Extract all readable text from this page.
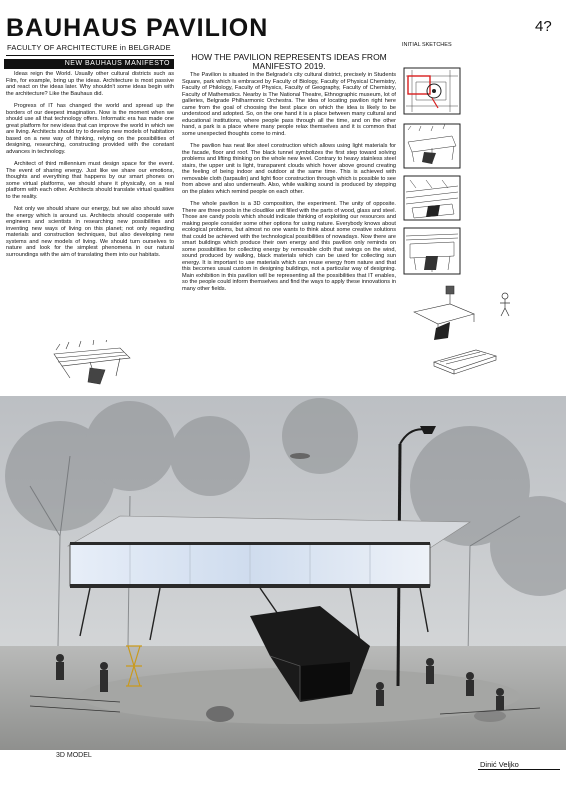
BAUHAUS PAVILION
FACULTY OF ARCHITECTURE in BELGRADE
4?
NEW BAUHAUS MANIFESTO

Ideas reign the World. Usually other cultural districts such as Film, for example, bring up the ideas. Architecture is most passive and react on the ideas later. Why shouldn't some ideas begin with the architecture? Like the Bauhaus did.

Progress of IT has changed the world and spread up the borders of our deepest imagination. Now is the moment when we should use all that technology offers. Informatic era has made one great platform for new ideas that can improve the world in which we are living. Architects should try to develop new models of habitation based on a new way of thinking, relying on the possibilities of designing, researching, constructing provided with the constant advances in technology.

Architect of third millennium must design space for the event. The event of sharing energy. Just like we share our emotions, thoughts and everything that happens by our smart phones on some virtual platforms, we should share it physically, on a real platform with each other. Architects should translate virtual qualities to the reality.

Not only we should share our energy, but we also should save the energy which is around us. Architects should cooperate with engineers and scientists in researching new possibilities and inventing new ways of living on this planet; not only regarding materials and construction techniques, but also developing new systems and new models of living. We should turn ourselves to nature and look for the simplest phenomena in our natural surroundings with the aim of translating them into our habitats.

HOW THE PAVILION REPRESENTS IDEAS FROM MANIFESTO 2019.

The Pavilion is situated in the Belgrade's city cultural district, precisely in Students Square, park which is embraced by Faculty of Biology, Faculty of Physical Chemistry, Faculty of Philology, Faculty of Physics, Faculty of Geography, Faculty of Chemistry, Faculty of Mathematics. Nearby is The National Theatre, Ethnographic museum, lot of galleries, Belgrade Philharmonic Orchestra. The idea of locating pavilion right here came from the goal of choosing the best place on which the idea is likely to be understood and adopted. So, on the one hand it is a place between many cultural and educational institutions, where people pass through all the time, and on the other hand, a park is a place where many people relax themselves and it is common that some unexpected thoughts come to mind.

The pavilion has neat like steel construction which allows using light materials for the facade, floor and roof. The black tunnel symbolizes the first step toward solving problems and lifting thinking on the whole new level. Contrary to heavy stainless steel stairs, the upper unit is light, transparent clouds which hover above ground creating the feeling of being indoor and outdoor at the same time. This is achieved with removable cloth (tarpaulin) and light floor construction through which is possible to see from above and also underneath. Also, while walking sound is produced by stepping on the plates which remind people on each other.

The whole pavilion is a 3D composition, the experiment. The unity of opposite. There are three pools in the cloudlike unit filled with the parts of wood, glass and steel. Those are candy pools which should indicate thinking of exploiting our resources and making people consider some other options for using nature. Everybody knows about ecological problems, but almost no one wants to think about some creative solutions that could be achieved with the technological possibilities of nowadays. Now there are smart buildings which produce their own energy and this pavilion only reminds on some possibilities for collecting energy by removable cloth that swings on the wind, sound produced by walking, black materials which can be used for collecting sun energy. It is important to use materials which can reuse energy from nature and that this becomes usual custom in designing buildings, not a particular way of designing. Main exhibition in this pavilion will be representing all the possibilities that IT enables, so the people could inform themselves and find the ways to apply these innovations in many other fields.

INITIAL SKETCHES
3D MODEL
Dinić Veljko
